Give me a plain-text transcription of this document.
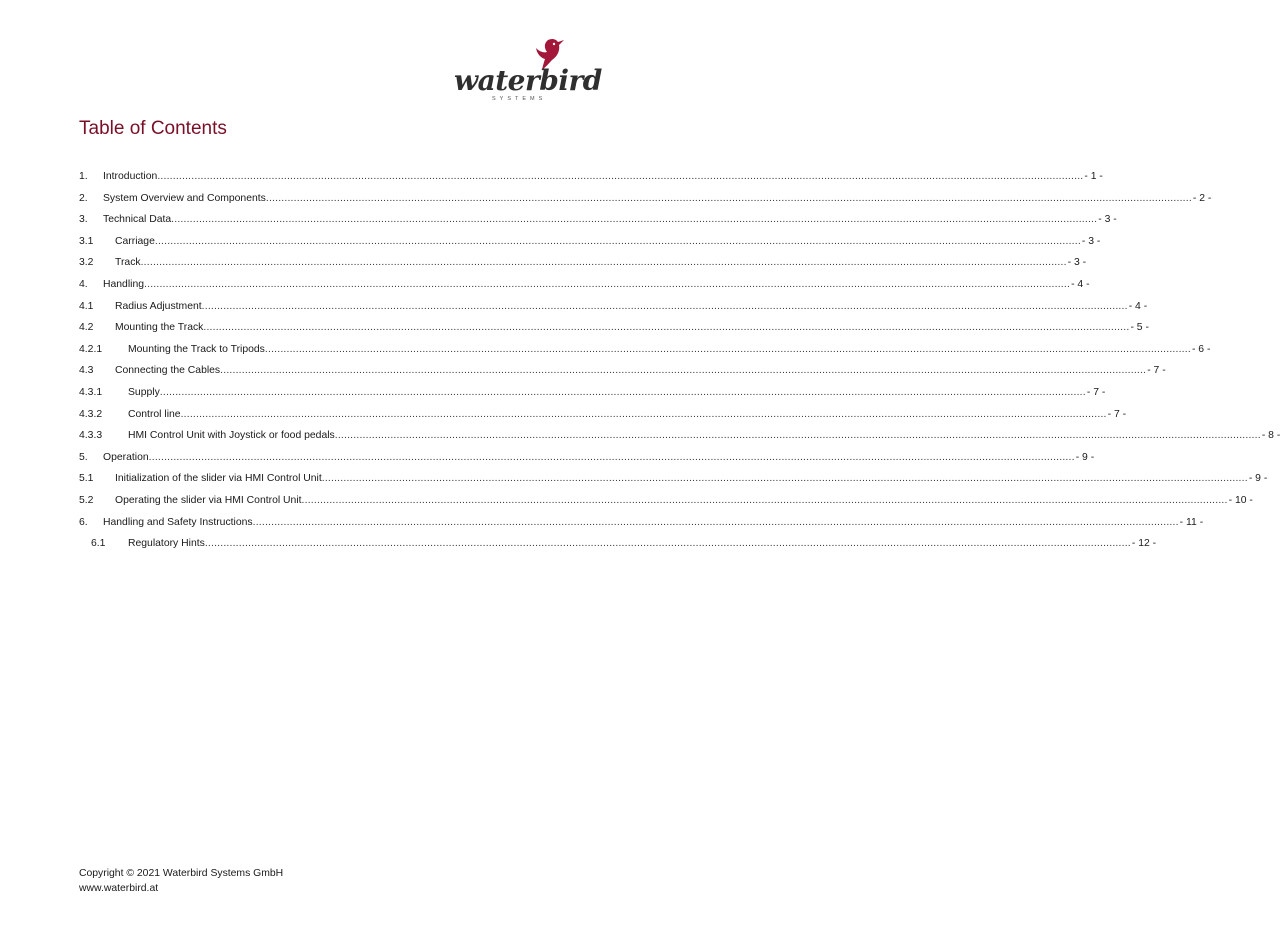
waterbird
SYSTEMS
Table of Contents
1.	Introduction ............................................................................................................................................................................................................................................................................................................ - 1 -
2.	System Overview and Components ............................................................................................................................................................................................................................................................................................................ - 2 -
3.	Technical Data ............................................................................................................................................................................................................................................................................................................ - 3 -
3.1	Carriage ............................................................................................................................................................................................................................................................................................................ - 3 -
3.2	Track ............................................................................................................................................................................................................................................................................................................ - 3 -
4.	Handling ............................................................................................................................................................................................................................................................................................................ - 4 -
4.1	Radius Adjustment ............................................................................................................................................................................................................................................................................................................ - 4 -
4.2	Mounting the Track ............................................................................................................................................................................................................................................................................................................ - 5 -
4.2.1	Mounting the Track to Tripods ............................................................................................................................................................................................................................................................................................................ - 6 -
4.3	Connecting the Cables ............................................................................................................................................................................................................................................................................................................ - 7 -
4.3.1	Supply ............................................................................................................................................................................................................................................................................................................ - 7 -
4.3.2	Control line ............................................................................................................................................................................................................................................................................................................ - 7 -
4.3.3	HMI Control Unit with Joystick or food pedals ............................................................................................................................................................................................................................................................................................................ - 8 -
5.	Operation ............................................................................................................................................................................................................................................................................................................ - 9 -
5.1	Initialization of the slider via HMI Control Unit ............................................................................................................................................................................................................................................................................................................ - 9 -
5.2	Operating the slider via HMI Control Unit ............................................................................................................................................................................................................................................................................................................ - 10 -
6.	Handling and Safety Instructions ............................................................................................................................................................................................................................................................................................................ - 11 -
6.1	Regulatory Hints ............................................................................................................................................................................................................................................................................................................ - 12 -
Copyright © 2021 Waterbird Systems GmbH
www.waterbird.at
